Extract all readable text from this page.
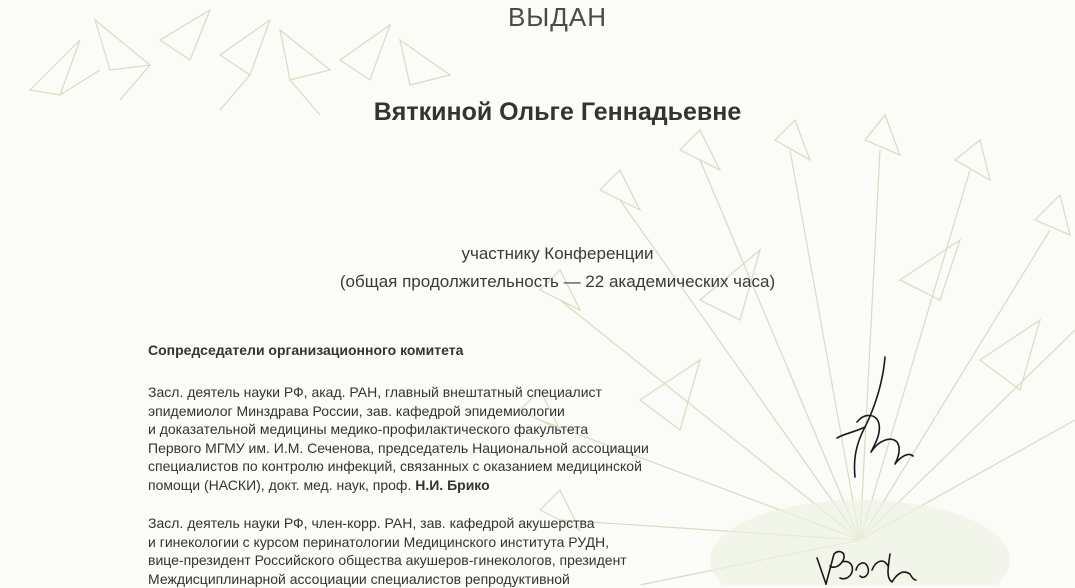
ВЫДАН
Вяткиной Ольге Геннадьевне
участнику Конференции
(общая продолжительность — 22 академических часа)
Сопредседатели организационного комитета
Засл. деятель науки РФ, акад. РАН, главный внештатный специалист
эпидемиолог Минздрава России, зав. кафедрой эпидемиологии
и доказательной медицины медико-профилактического факультета
Первого МГМУ им. И.М. Сеченова, председатель Национальной ассоциации
специалистов по контролю инфекций, связанных с оказанием медицинской
помощи (НАСКИ), докт. мед. наук, проф. Н.И. Брико
Засл. деятель науки РФ, член-корр. РАН, зав. кафедрой акушерства
и гинекологии с курсом перинатологии Медицинского института РУДН,
вице-президент Российского общества акушеров-гинекологов, президент
Междисциплинарной ассоциации специалистов репродуктивной
